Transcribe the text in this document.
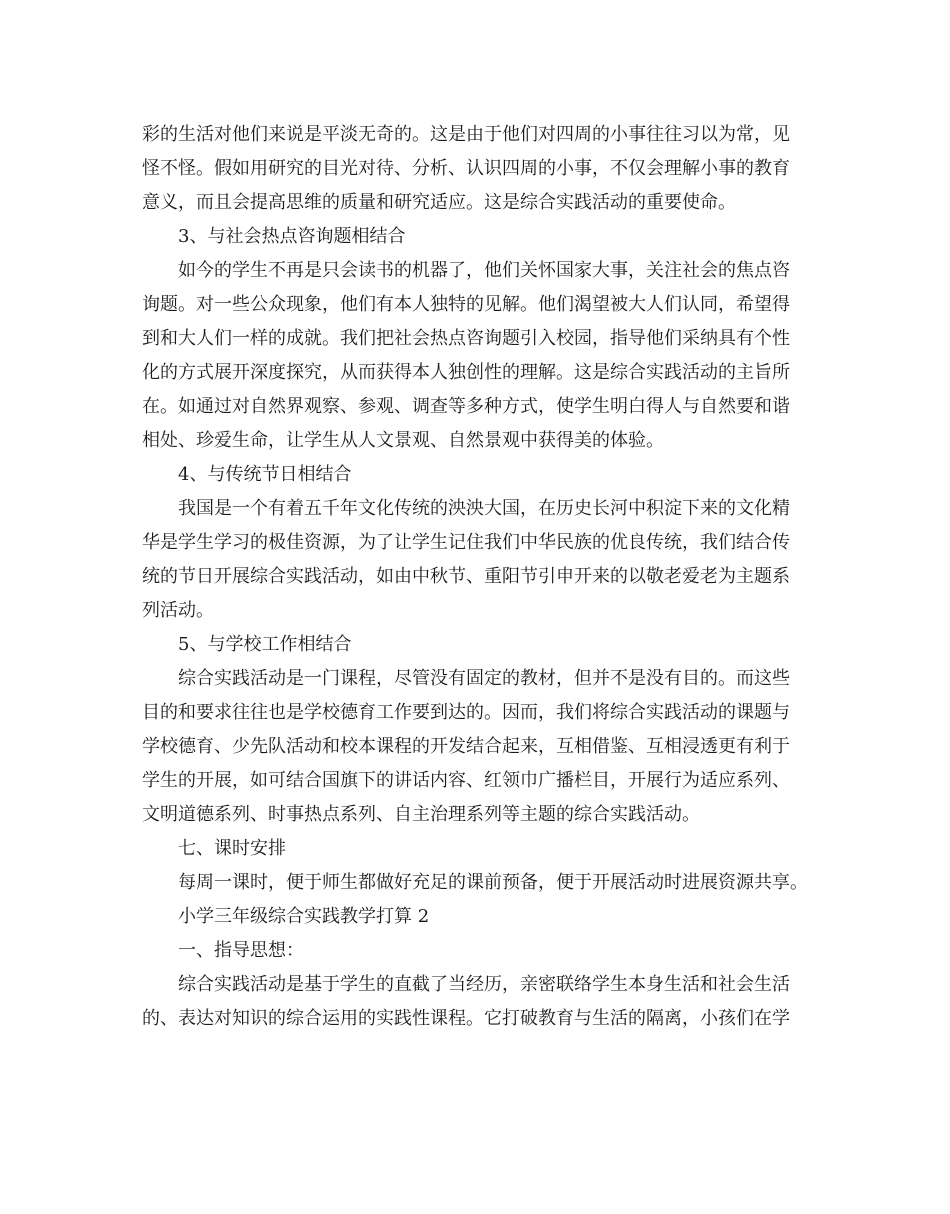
彩的生活对他们来说是平淡无奇的。这是由于他们对四周的小事往往习以为常，见

怪不怪。假如用研究的目光对待、分析、认识四周的小事，不仅会理解小事的教育

意义，而且会提高思维的质量和研究适应。这是综合实践活动的重要使命。

3、与社会热点咨询题相结合

如今的学生不再是只会读书的机器了，他们关怀国家大事，关注社会的焦点咨

询题。对一些公众现象，他们有本人独特的见解。他们渴望被大人们认同，希望得

到和大人们一样的成就。我们把社会热点咨询题引入校园，指导他们采纳具有个性

化的方式展开深度探究，从而获得本人独创性的理解。这是综合实践活动的主旨所

在。如通过对自然界观察、参观、调查等多种方式，使学生明白得人与自然要和谐

相处、珍爱生命，让学生从人文景观、自然景观中获得美的体验。

4、与传统节日相结合

我国是一个有着五千年文化传统的泱泱大国，在历史长河中积淀下来的文化精

华是学生学习的极佳资源，为了让学生记住我们中华民族的优良传统，我们结合传

统的节日开展综合实践活动，如由中秋节、重阳节引申开来的以敬老爱老为主题系

列活动。

5、与学校工作相结合

综合实践活动是一门课程，尽管没有固定的教材，但并不是没有目的。而这些

目的和要求往往也是学校德育工作要到达的。因而，我们将综合实践活动的课题与

学校德育、少先队活动和校本课程的开发结合起来，互相借鉴、互相浸透更有利于

学生的开展，如可结合国旗下的讲话内容、红领巾广播栏目，开展行为适应系列、

文明道德系列、时事热点系列、自主治理系列等主题的综合实践活动。

七、课时安排

每周一课时，便于师生都做好充足的课前预备，便于开展活动时进展资源共享。

小学三年级综合实践教学打算 2

一、指导思想：

综合实践活动是基于学生的直截了当经历，亲密联络学生本身生活和社会生活

的、表达对知识的综合运用的实践性课程。它打破教育与生活的隔离，小孩们在学
